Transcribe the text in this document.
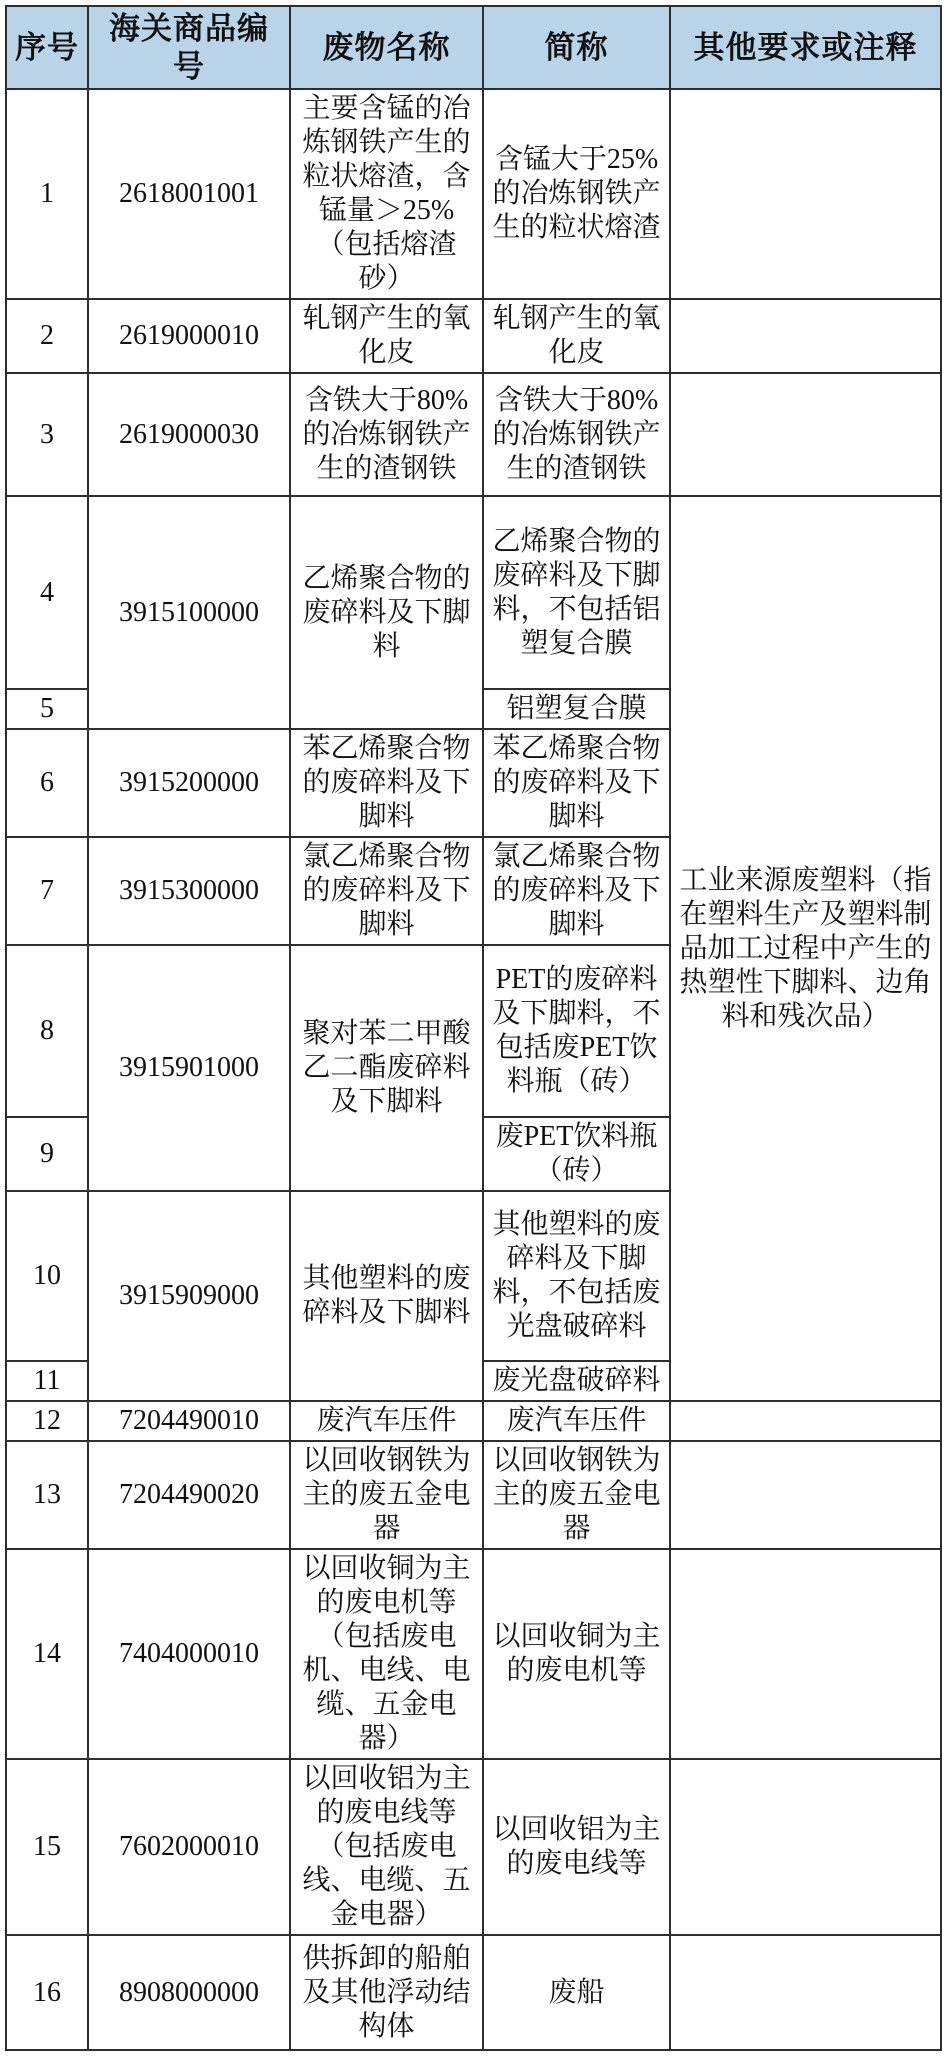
序号	海关商品编号	废物名称	简称	其他要求或注释
1	2618001001	主要含锰的冶炼钢铁产生的粒状熔渣，含锰量＞25%（包括熔渣砂）	含锰大于25%的冶炼钢铁产生的粒状熔渣	
2	2619000010	轧钢产生的氧化皮	轧钢产生的氧化皮	
3	2619000030	含铁大于80%的冶炼钢铁产生的渣钢铁	含铁大于80%的冶炼钢铁产生的渣钢铁	
4	3915100000	乙烯聚合物的废碎料及下脚料	乙烯聚合物的废碎料及下脚料，不包括铝塑复合膜	工业来源废塑料（指在塑料生产及塑料制品加工过程中产生的热塑性下脚料、边角料和残次品）
5			铝塑复合膜	
6	3915200000	苯乙烯聚合物的废碎料及下脚料	苯乙烯聚合物的废碎料及下脚料	
7	3915300000	氯乙烯聚合物的废碎料及下脚料	氯乙烯聚合物的废碎料及下脚料	
8	3915901000	聚对苯二甲酸乙二酯废碎料及下脚料	PET的废碎料及下脚料，不包括废PET饮料瓶（砖）	
9			废PET饮料瓶（砖）	
10	3915909000	其他塑料的废碎料及下脚料	其他塑料的废碎料及下脚料，不包括废光盘破碎料	
11			废光盘破碎料	
12	7204490010	废汽车压件	废汽车压件	
13	7204490020	以回收钢铁为主的废五金电器	以回收钢铁为主的废五金电器	
14	7404000010	以回收铜为主的废电机等（包括废电机、电线、电缆、五金电器）	以回收铜为主的废电机等	
15	7602000010	以回收铝为主的废电线等（包括废电线、电缆、五金电器）	以回收铝为主的废电线等	
16	8908000000	供拆卸的船舶及其他浮动结构体	废船	
